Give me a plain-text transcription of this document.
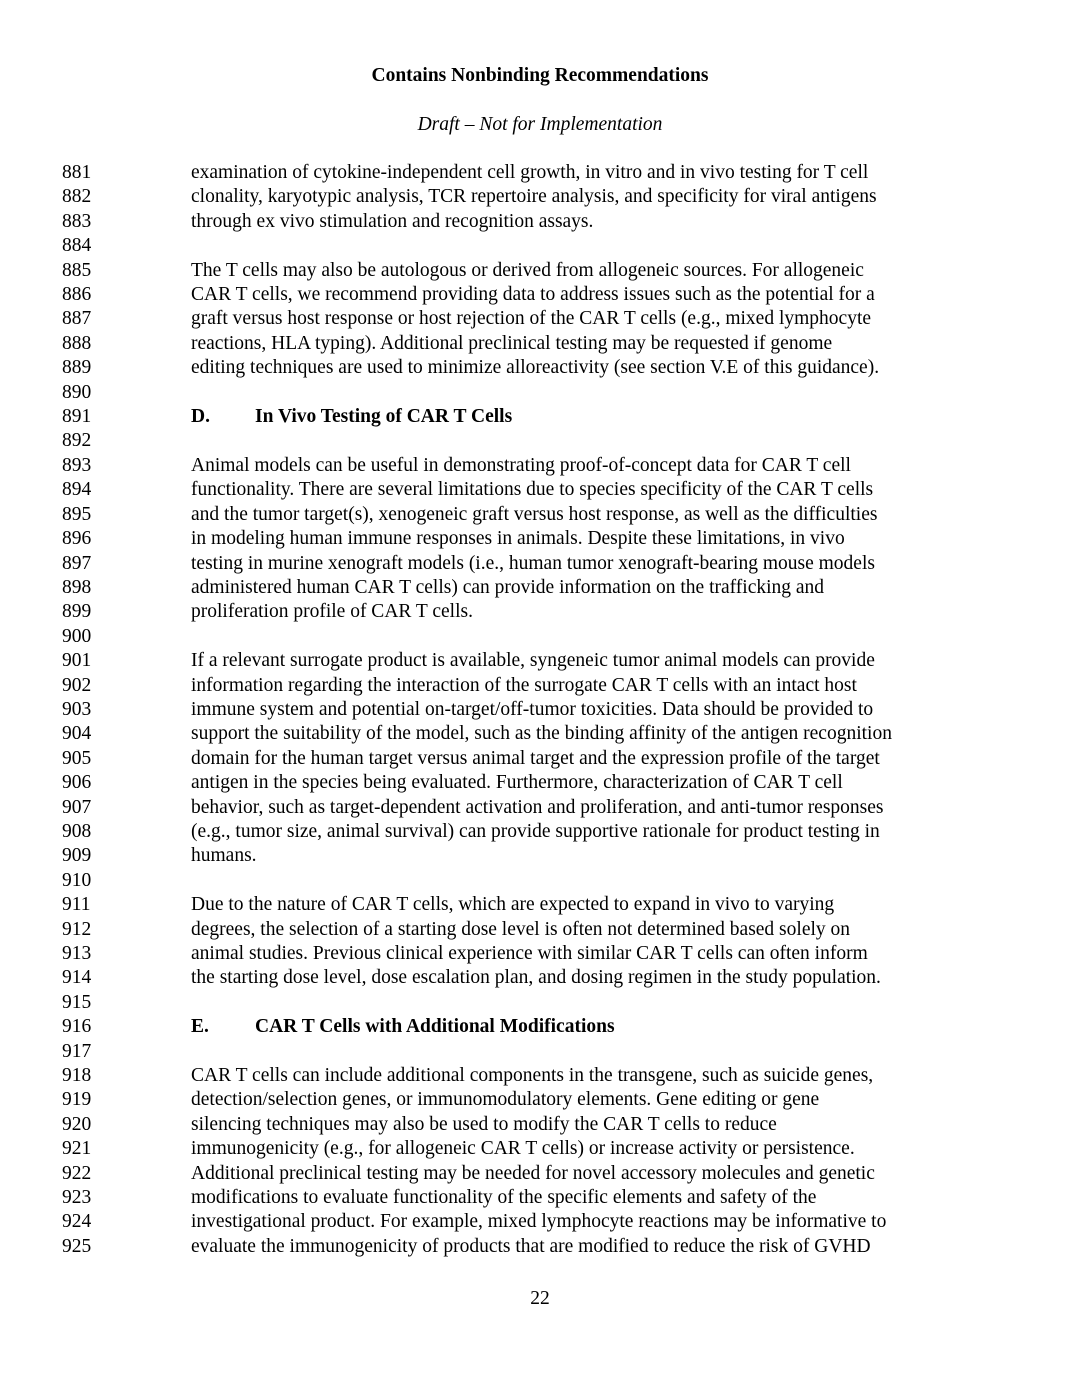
Contains Nonbinding Recommendations
Draft – Not for Implementation
881	examination of cytokine-independent cell growth, in vitro and in vivo testing for T cell
882	clonality, karyotypic analysis, TCR repertoire analysis, and specificity for viral antigens
883	through ex vivo stimulation and recognition assays.
884
885	The T cells may also be autologous or derived from allogeneic sources. For allogeneic
886	CAR T cells, we recommend providing data to address issues such as the potential for a
887	graft versus host response or host rejection of the CAR T cells (e.g., mixed lymphocyte
888	reactions, HLA typing). Additional preclinical testing may be requested if genome
889	editing techniques are used to minimize alloreactivity (see section V.E of this guidance).
890
891	D. In Vivo Testing of CAR T Cells
892
893	Animal models can be useful in demonstrating proof-of-concept data for CAR T cell
894	functionality. There are several limitations due to species specificity of the CAR T cells
895	and the tumor target(s), xenogeneic graft versus host response, as well as the difficulties
896	in modeling human immune responses in animals. Despite these limitations, in vivo
897	testing in murine xenograft models (i.e., human tumor xenograft-bearing mouse models
898	administered human CAR T cells) can provide information on the trafficking and
899	proliferation profile of CAR T cells.
900
901	If a relevant surrogate product is available, syngeneic tumor animal models can provide
902	information regarding the interaction of the surrogate CAR T cells with an intact host
903	immune system and potential on-target/off-tumor toxicities. Data should be provided to
904	support the suitability of the model, such as the binding affinity of the antigen recognition
905	domain for the human target versus animal target and the expression profile of the target
906	antigen in the species being evaluated. Furthermore, characterization of CAR T cell
907	behavior, such as target-dependent activation and proliferation, and anti-tumor responses
908	(e.g., tumor size, animal survival) can provide supportive rationale for product testing in
909	humans.
910
911	Due to the nature of CAR T cells, which are expected to expand in vivo to varying
912	degrees, the selection of a starting dose level is often not determined based solely on
913	animal studies. Previous clinical experience with similar CAR T cells can often inform
914	the starting dose level, dose escalation plan, and dosing regimen in the study population.
915
916	E. CAR T Cells with Additional Modifications
917
918	CAR T cells can include additional components in the transgene, such as suicide genes,
919	detection/selection genes, or immunomodulatory elements. Gene editing or gene
920	silencing techniques may also be used to modify the CAR T cells to reduce
921	immunogenicity (e.g., for allogeneic CAR T cells) or increase activity or persistence.
922	Additional preclinical testing may be needed for novel accessory molecules and genetic
923	modifications to evaluate functionality of the specific elements and safety of the
924	investigational product. For example, mixed lymphocyte reactions may be informative to
925	evaluate the immunogenicity of products that are modified to reduce the risk of GVHD
22
